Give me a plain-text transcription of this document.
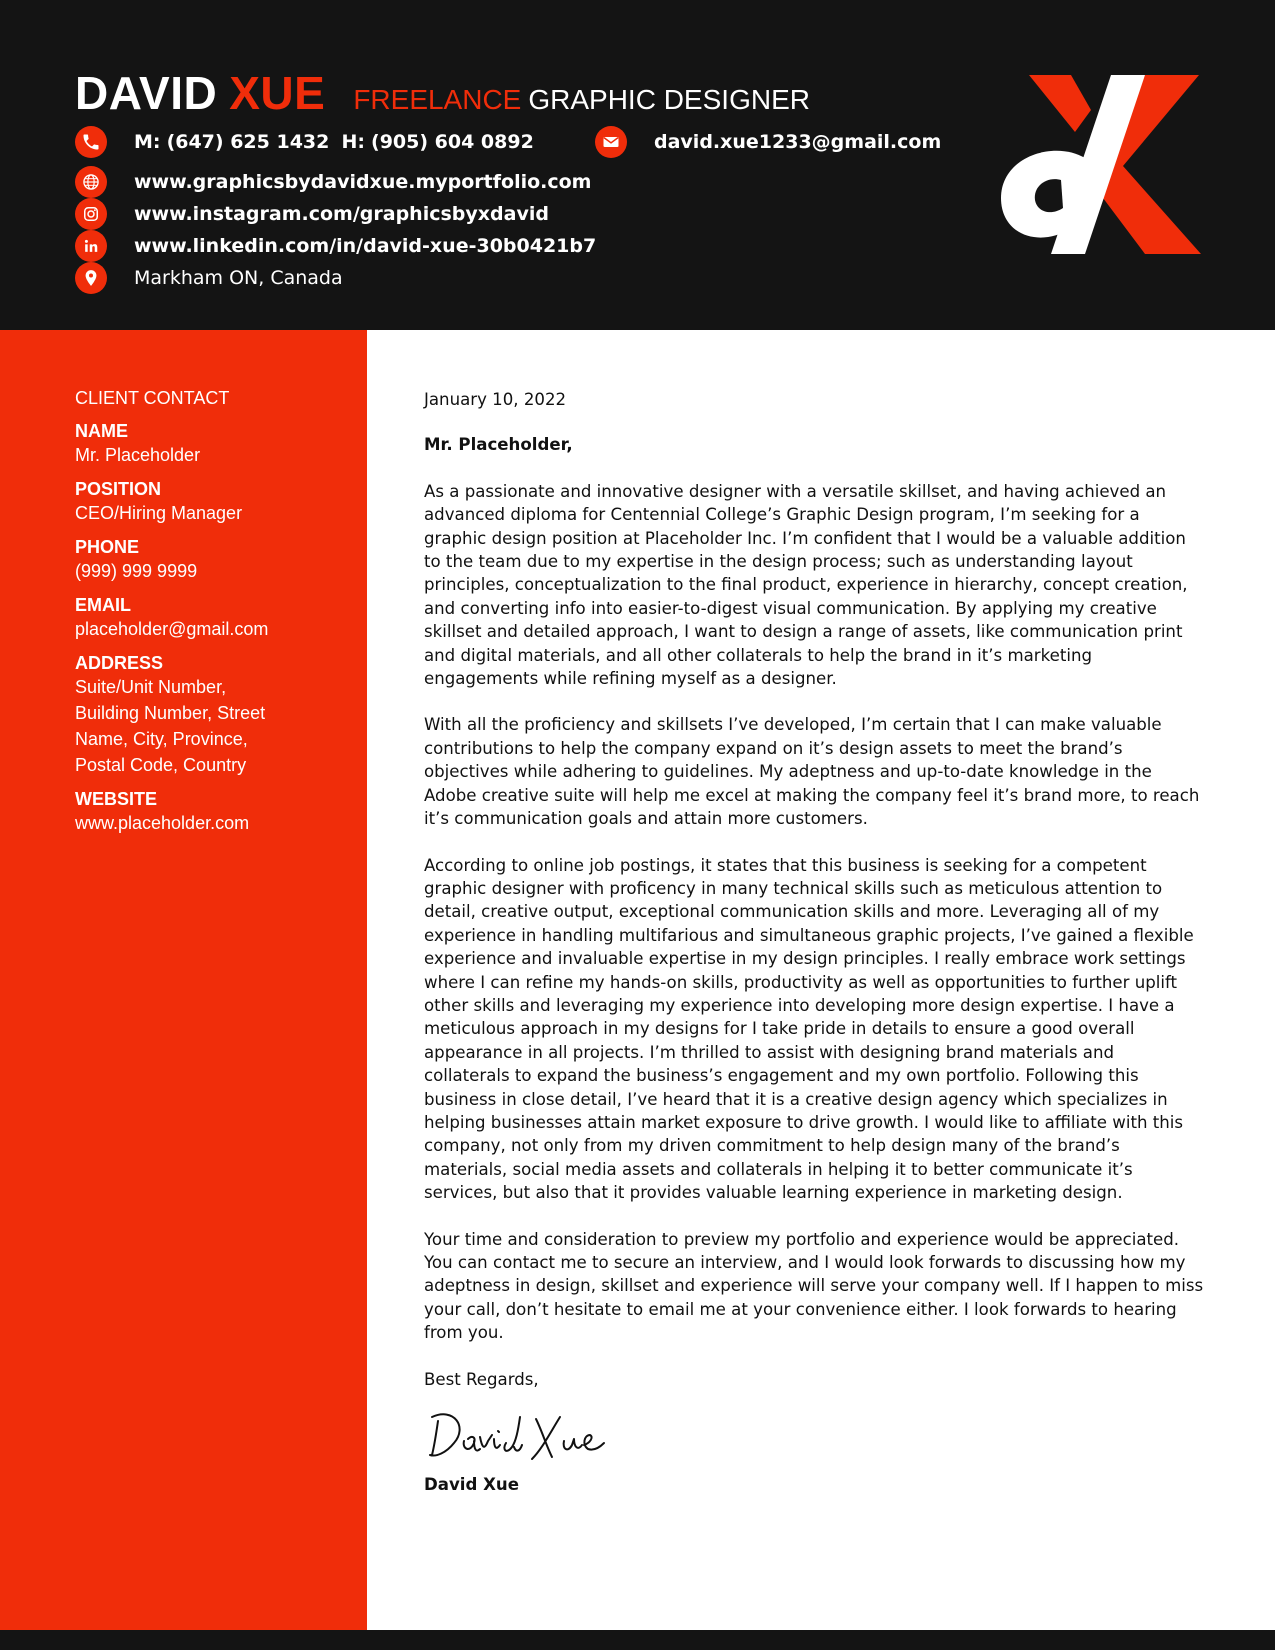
DAVID XUE FREELANCE GRAPHIC DESIGNER
M: (647) 625 1432 H: (905) 604 0892	david.xue1233@gmail.com
www.graphicsbydavidxue.myportfolio.com
www.instagram.com/graphicsbyxdavid
www.linkedin.com/in/david-xue-30b0421b7
Markham ON, Canada
CLIENT CONTACT
NAME
Mr. Placeholder
POSITION
CEO/Hiring Manager
PHONE
(999) 999 9999
EMAIL
placeholder@gmail.com
ADDRESS
Suite/Unit Number,
Building Number, Street
Name, City, Province,
Postal Code, Country
WEBSITE
www.placeholder.com

January 10, 2022

Mr. Placeholder,

As a passionate and innovative designer with a versatile skillset, and having achieved an advanced diploma for Centennial College’s Graphic Design program, I’m seeking for a graphic design position at Placeholder Inc. I’m confident that I would be a valuable addition to the team due to my expertise in the design process; such as understanding layout principles, conceptualization to the final product, experience in hierarchy, concept creation, and converting info into easier-to-digest visual communication. By applying my creative skillset and detailed approach, I want to design a range of assets, like communication print and digital materials, and all other collaterals to help the brand in it’s marketing engagements while refining myself as a designer.

With all the proficiency and skillsets I’ve developed, I’m certain that I can make valuable contributions to help the company expand on it’s design assets to meet the brand’s objectives while adhering to guidelines. My adeptness and up-to-date knowledge in the Adobe creative suite will help me excel at making the company feel it’s brand more, to reach it’s communication goals and attain more customers.

According to online job postings, it states that this business is seeking for a competent graphic designer with proficency in many technical skills such as meticulous attention to detail, creative output, exceptional communication skills and more. Leveraging all of my experience in handling multifarious and simultaneous graphic projects, I’ve gained a flexible experience and invaluable expertise in my design principles. I really embrace work settings where I can refine my hands-on skills, productivity as well as opportunities to further uplift other skills and leveraging my experience into developing more design expertise. I have a meticulous approach in my designs for I take pride in details to ensure a good overall appearance in all projects. I’m thrilled to assist with designing brand materials and collaterals to expand the business’s engagement and my own portfolio. Following this business in close detail, I’ve heard that it is a creative design agency which specializes in helping businesses attain market exposure to drive growth. I would like to affiliate with this company, not only from my driven commitment to help design many of the brand’s materials, social media assets and collaterals in helping it to better communicate it’s services, but also that it provides valuable learning experience in marketing design.

Your time and consideration to preview my portfolio and experience would be appreciated. You can contact me to secure an interview, and I would look forwards to discussing how my adeptness in design, skillset and experience will serve your company well. If I happen to miss your call, don’t hesitate to email me at your convenience either. I look forwards to hearing from you.

Best Regards,

David Xue
